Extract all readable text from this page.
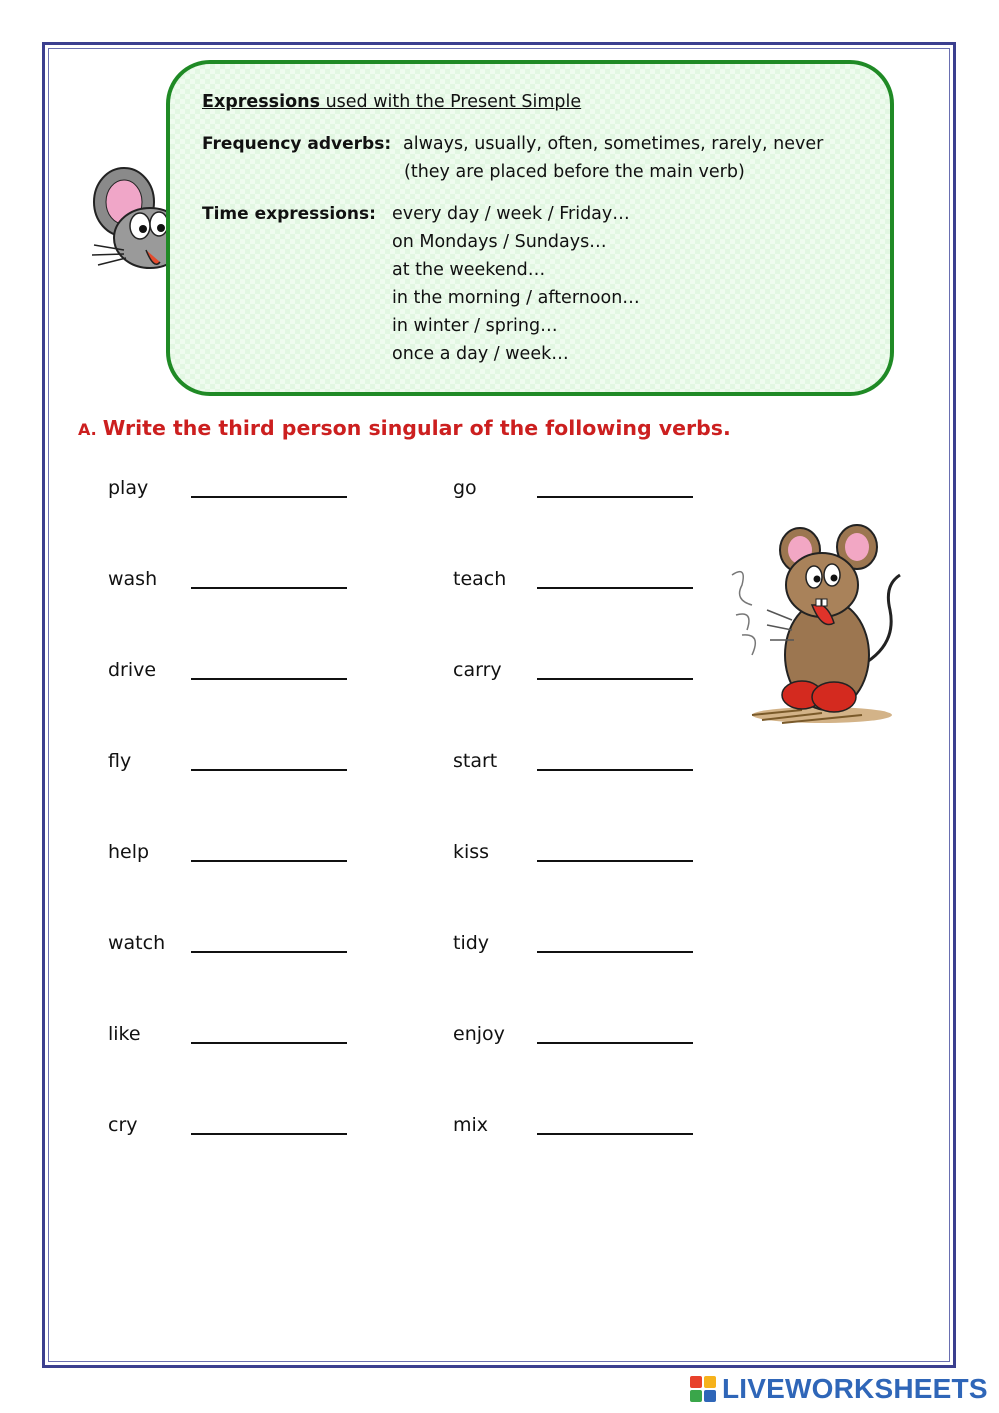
Expressions used with the Present Simple
Frequency adverbs: always, usually, often, sometimes, rarely, never
(they are placed before the main verb)
Time expressions: every day / week / Friday…
on Mondays / Sundays…
at the weekend…
in the morning / afternoon…
in winter / spring…
once a day / week…
A. Write the third person singular of the following verbs.
play
wash
drive
fly
help
watch
like
cry
go
teach
carry
start
kiss
tidy
enjoy
mix
LIVEWORKSHEETS
